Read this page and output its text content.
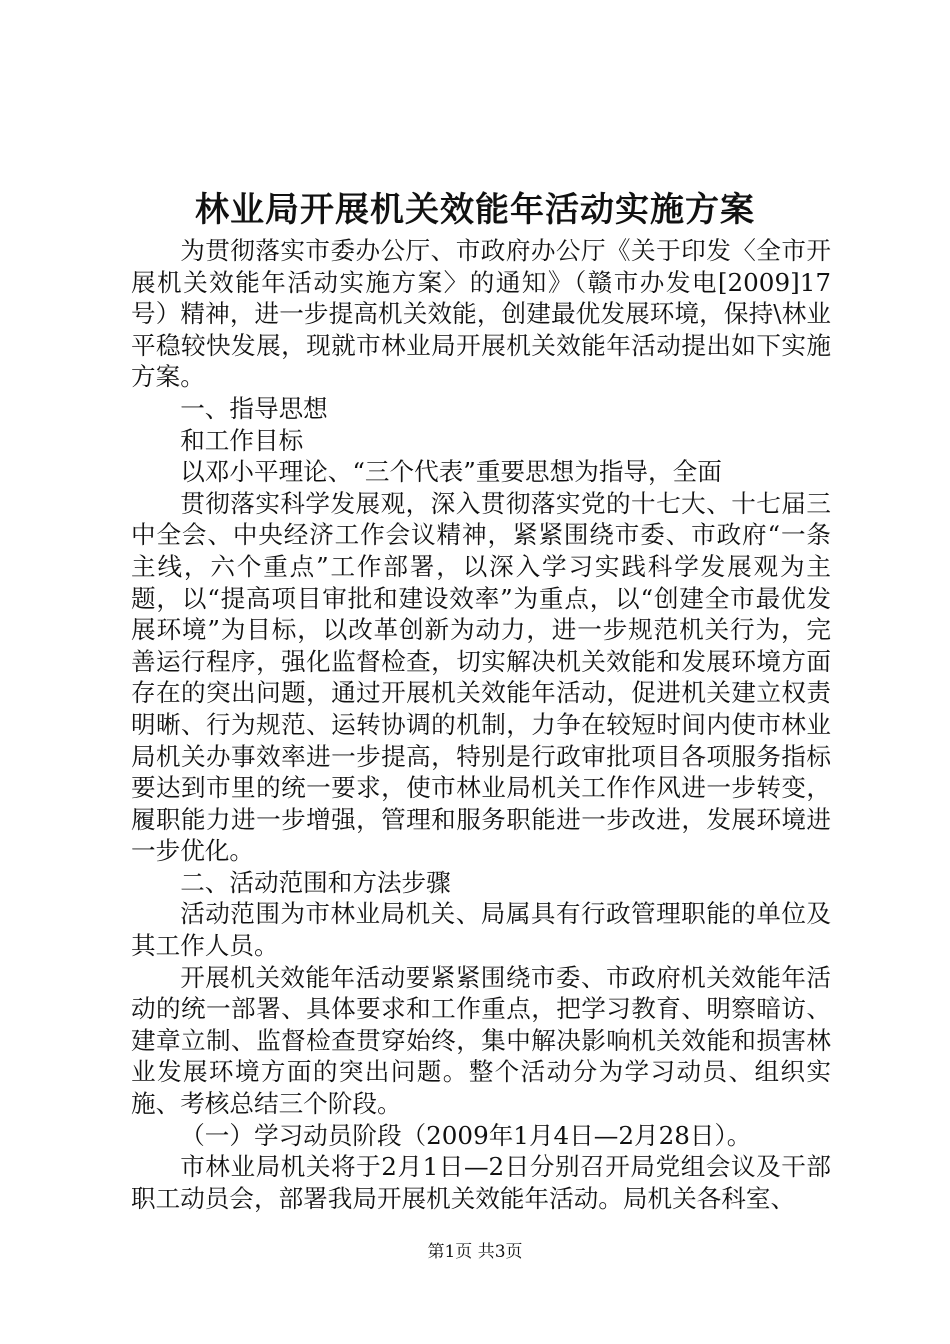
林业局开展机关效能年活动实施方案

为贯彻落实市委办公厅、市政府办公厅《关于印发〈全市开展机关效能年活动实施方案〉的通知》（赣市办发电[2009]17号）精神，进一步提高机关效能，创建最优发展环境，保持\林业平稳较快发展，现就市林业局开展机关效能年活动提出如下实施方案。

一、指导思想

和工作目标

以邓小平理论、“三个代表”重要思想为指导，全面

贯彻落实科学发展观，深入贯彻落实党的十七大、十七届三中全会、中央经济工作会议精神，紧紧围绕市委、市政府“一条主线，六个重点”工作部署，以深入学习实践科学发展观为主题，以“提高项目审批和建设效率”为重点，以“创建全市最优发展环境”为目标，以改革创新为动力，进一步规范机关行为，完善运行程序，强化监督检查，切实解决机关效能和发展环境方面存在的突出问题，通过开展机关效能年活动，促进机关建立权责明晰、行为规范、运转协调的机制，力争在较短时间内使市林业局机关办事效率进一步提高，特别是行政审批项目各项服务指标要达到市里的统一要求，使市林业局机关工作作风进一步转变，履职能力进一步增强，管理和服务职能进一步改进，发展环境进一步优化。

二、活动范围和方法步骤

活动范围为市林业局机关、局属具有行政管理职能的单位及其工作人员。

开展机关效能年活动要紧紧围绕市委、市政府机关效能年活动的统一部署、具体要求和工作重点，把学习教育、明察暗访、建章立制、监督检查贯穿始终，集中解决影响机关效能和损害林业发展环境方面的突出问题。整个活动分为学习动员、组织实施、考核总结三个阶段。

（一）学习动员阶段（2009年1月4日—2月28日）。

市林业局机关将于2月1日—2日分别召开局党组会议及干部职工动员会，部署我局开展机关效能年活动。局机关各科室、

第1页 共3页
